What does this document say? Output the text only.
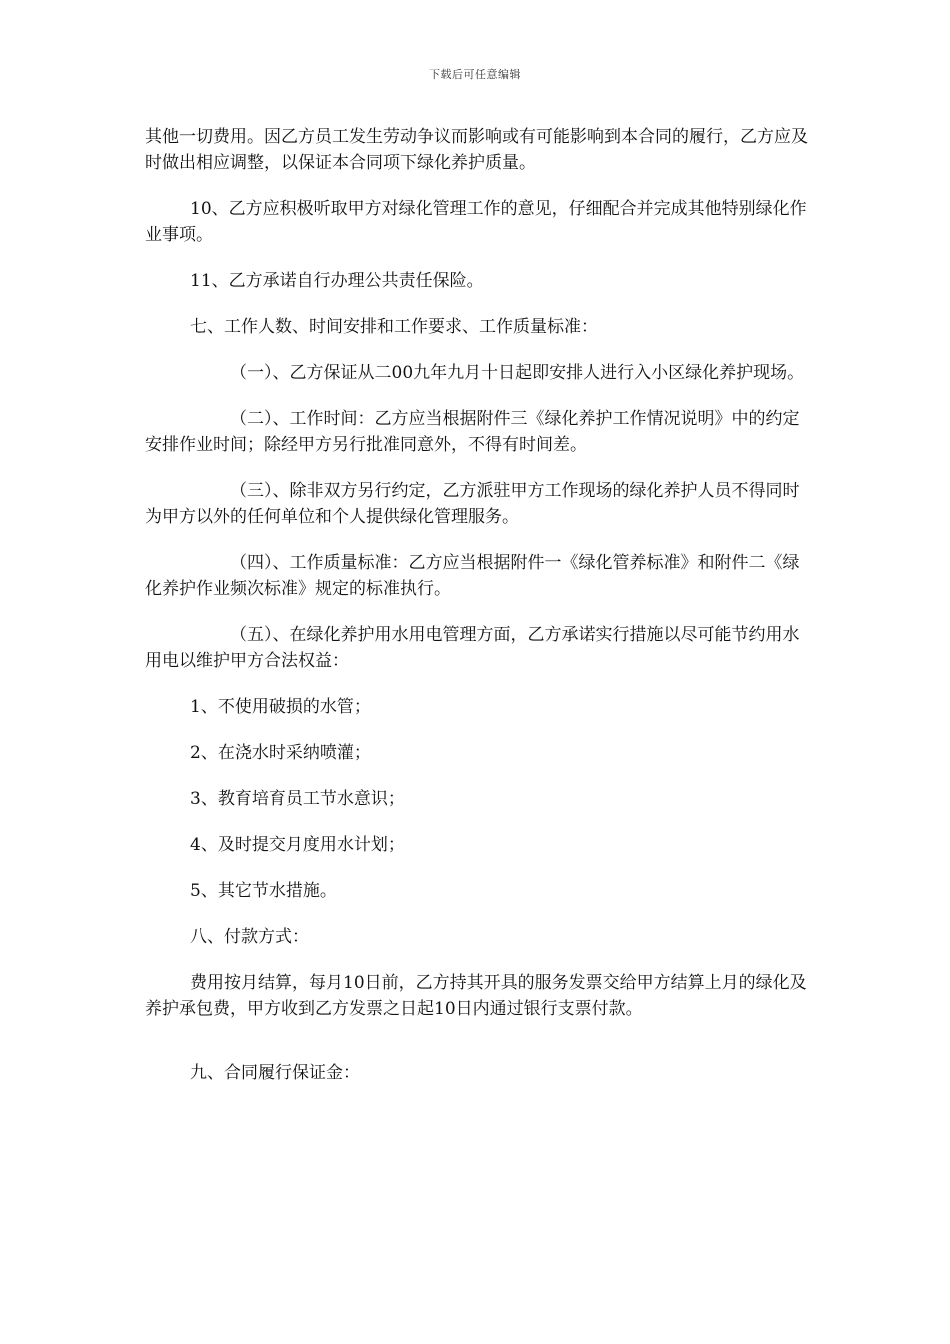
下载后可任意编辑

其他一切费用。因乙方员工发生劳动争议而影响或有可能影响到本合同的履行，乙方应及时做出相应调整，以保证本合同项下绿化养护质量。

10、乙方应积极听取甲方对绿化管理工作的意见，仔细配合并完成其他特别绿化作业事项。

11、乙方承诺自行办理公共责任保险。

七、工作人数、时间安排和工作要求、工作质量标准：

（一）、乙方保证从二00九年九月十日起即安排人进行入小区绿化养护现场。

（二）、工作时间：乙方应当根据附件三《绿化养护工作情况说明》中的约定安排作业时间；除经甲方另行批准同意外，不得有时间差。

（三）、除非双方另行约定，乙方派驻甲方工作现场的绿化养护人员不得同时为甲方以外的任何单位和个人提供绿化管理服务。

（四）、工作质量标准：乙方应当根据附件一《绿化管养标准》和附件二《绿化养护作业频次标准》规定的标准执行。

（五）、在绿化养护用水用电管理方面，乙方承诺实行措施以尽可能节约用水用电以维护甲方合法权益：

1、不使用破损的水管；

2、在浇水时采纳喷灌；

3、教育培育员工节水意识；

4、及时提交月度用水计划；

5、其它节水措施。

八、付款方式：

费用按月结算，每月10日前，乙方持其开具的服务发票交给甲方结算上月的绿化及养护承包费，甲方收到乙方发票之日起10日内通过银行支票付款。

九、合同履行保证金：
